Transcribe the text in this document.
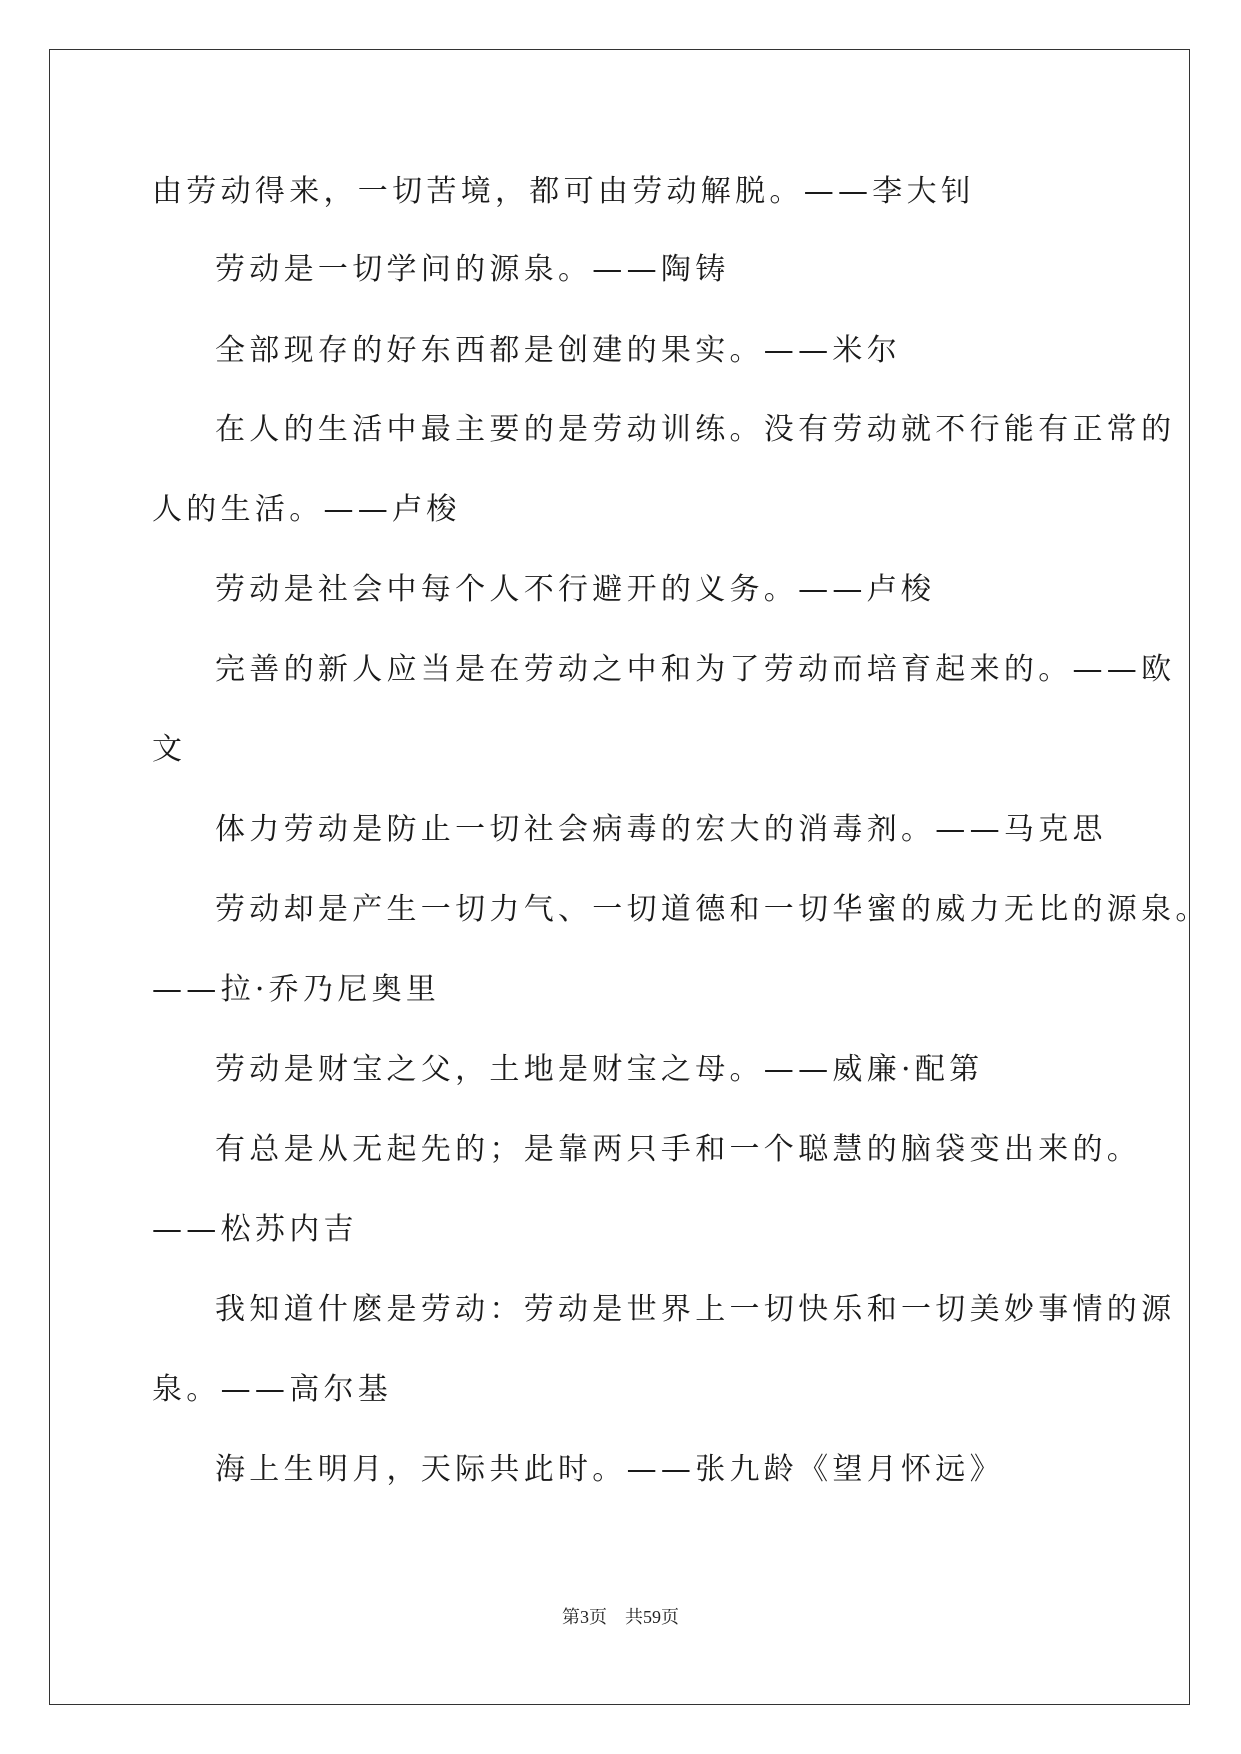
由劳动得来，一切苦境，都可由劳动解脱。——李大钊
劳动是一切学问的源泉。——陶铸
全部现存的好东西都是创建的果实。——米尔
在人的生活中最主要的是劳动训练。没有劳动就不行能有正常的
人的生活。——卢梭
劳动是社会中每个人不行避开的义务。——卢梭
完善的新人应当是在劳动之中和为了劳动而培育起来的。——欧
文
体力劳动是防止一切社会病毒的宏大的消毒剂。——马克思
劳动却是产生一切力气、一切道德和一切华蜜的威力无比的源泉。
——拉·乔乃尼奥里
劳动是财宝之父，土地是财宝之母。——威廉·配第
有总是从无起先的；是靠两只手和一个聪慧的脑袋变出来的。
——松苏内吉
我知道什麽是劳动：劳动是世界上一切快乐和一切美妙事情的源
泉。——高尔基
海上生明月，天际共此时。——张九龄《望月怀远》
第3页 共59页
